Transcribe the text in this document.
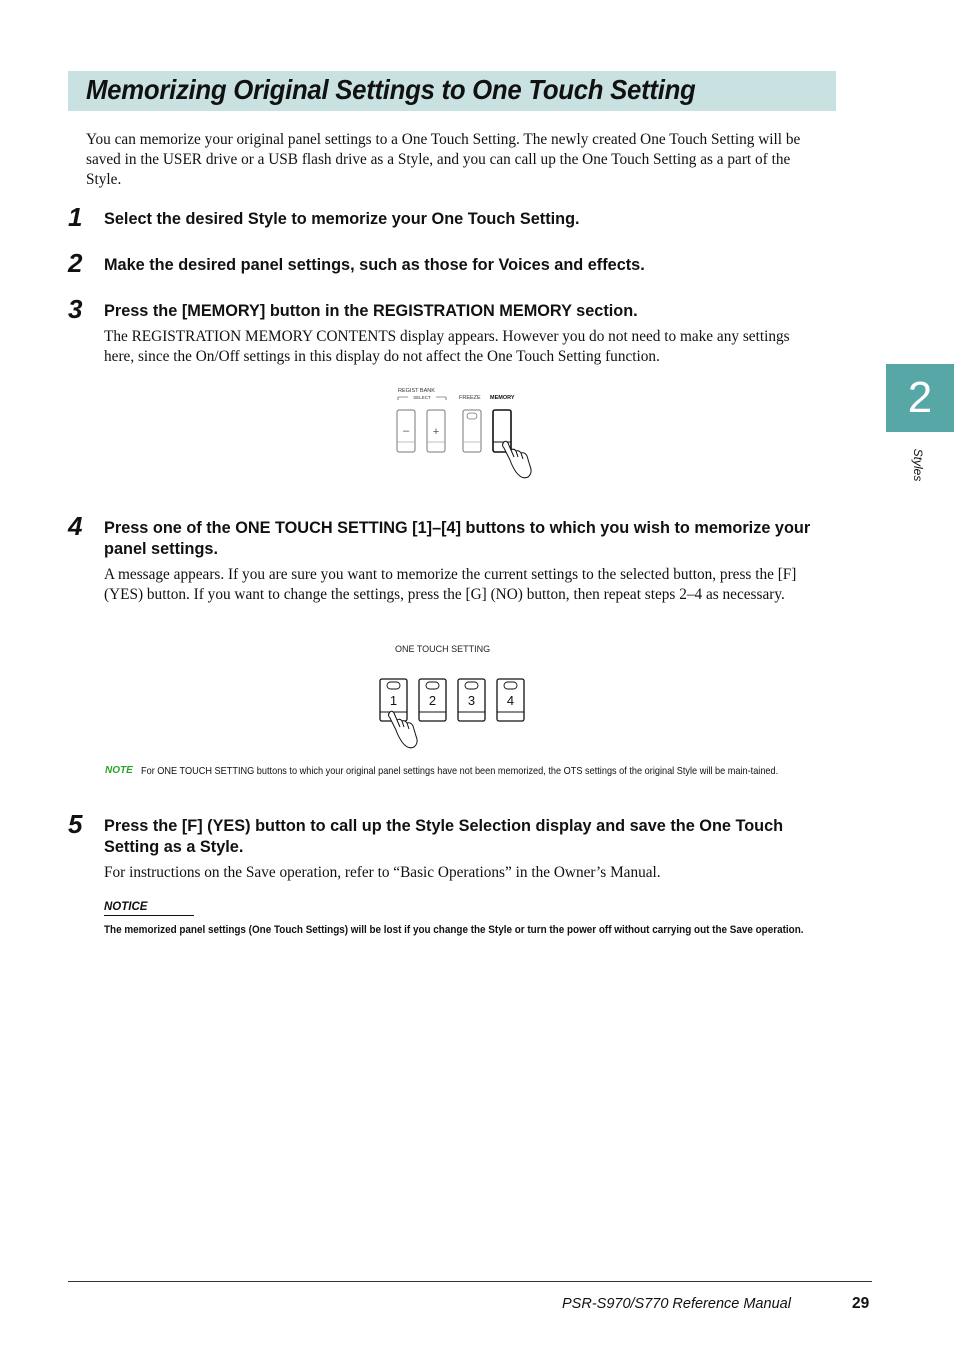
Memorizing Original Settings to One Touch Setting

You can memorize your original panel settings to a One Touch Setting. The newly created One Touch Setting will be saved in the USER drive or a USB flash drive as a Style, and you can call up the One Touch Setting as a part of the Style.

1 Select the desired Style to memorize your One Touch Setting.

2 Make the desired panel settings, such as those for Voices and effects.

3 Press the [MEMORY] button in the REGISTRATION MEMORY section.

The REGISTRATION MEMORY CONTENTS display appears. However you do not need to make any settings here, since the On/Off settings in this display do not affect the One Touch Setting function.

REGIST BANK
SELECT	FREEZE MEMORY
– +
4 Press one of the ONE TOUCH SETTING [1]–[4] buttons to which you wish to memorize your panel settings.

A message appears. If you are sure you want to memorize the current settings to the selected button, press the [F] (YES) button. If you want to change the settings, press the [G] (NO) button, then repeat steps 2–4 as necessary.

ONE TOUCH SETTING
1 2 3 4
NOTE For ONE TOUCH SETTING buttons to which your original panel settings have not been memorized, the OTS settings of the original Style will be main-tained.

5 Press the [F] (YES) button to call up the Style Selection display and save the One Touch Setting as a Style.

For instructions on the Save operation, refer to “Basic Operations” in the Owner’s Manual.

NOTICE

The memorized panel settings (One Touch Settings) will be lost if you change the Style or turn the power off without carrying out the Save operation.

2
Styles
PSR-S970/S770 Reference Manual	29
